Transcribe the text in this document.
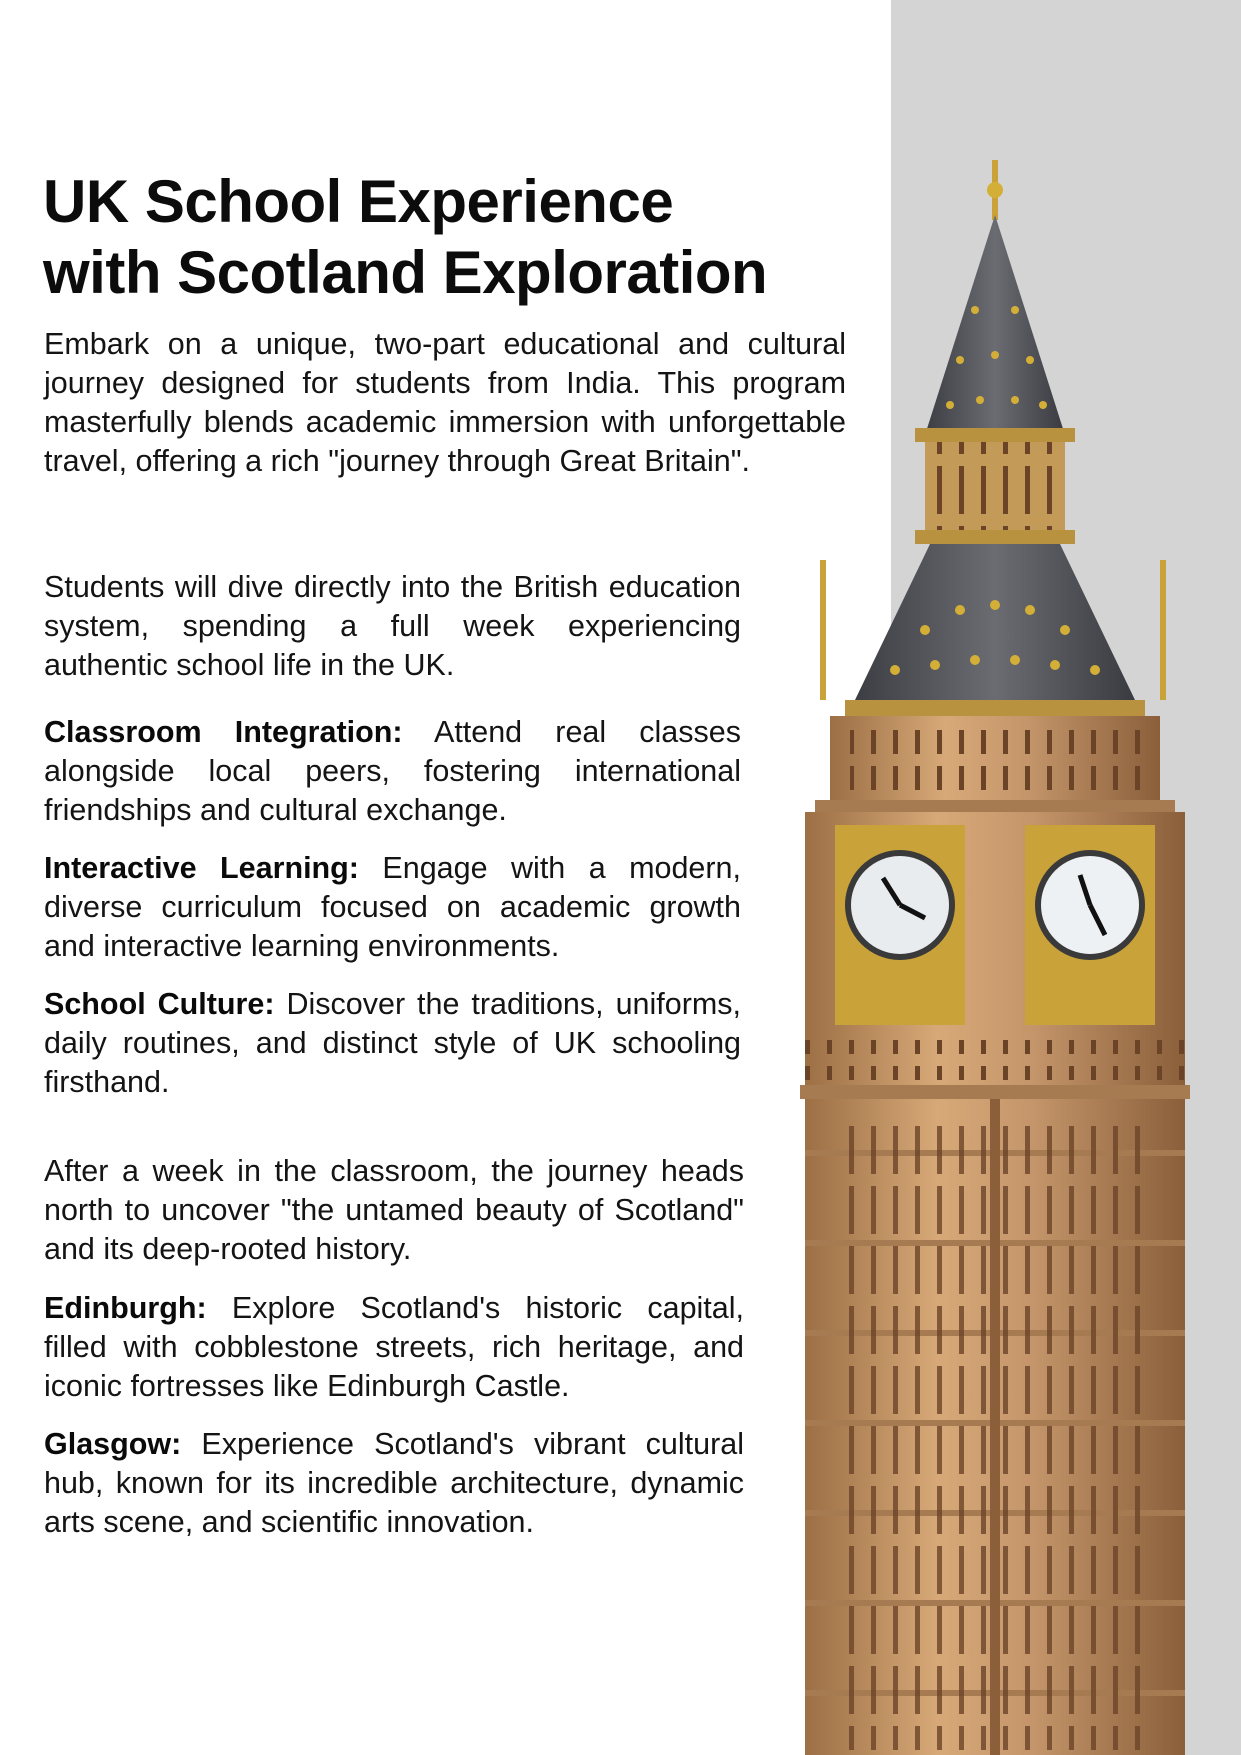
UK School Experience
with Scotland Exploration

Embark on a unique, two-part educational and cultural journey designed for students from India. This program masterfully blends academic immersion with unforgettable travel, offering a rich "journey through Great Britain".

Students will dive directly into the British education system, spending a full week experiencing authentic school life in the UK.

Classroom Integration: Attend real classes alongside local peers, fostering international friendships and cultural exchange.

Interactive Learning: Engage with a modern, diverse curriculum focused on academic growth and interactive learning environments.

School Culture: Discover the traditions, uniforms, daily routines, and distinct style of UK schooling firsthand.

After a week in the classroom, the journey heads north to uncover "the untamed beauty of Scotland" and its deep-rooted history.

Edinburgh: Explore Scotland's historic capital, filled with cobblestone streets, rich heritage, and iconic fortresses like Edinburgh Castle.

Glasgow: Experience Scotland's vibrant cultural hub, known for its incredible architecture, dynamic arts scene, and scientific innovation.
